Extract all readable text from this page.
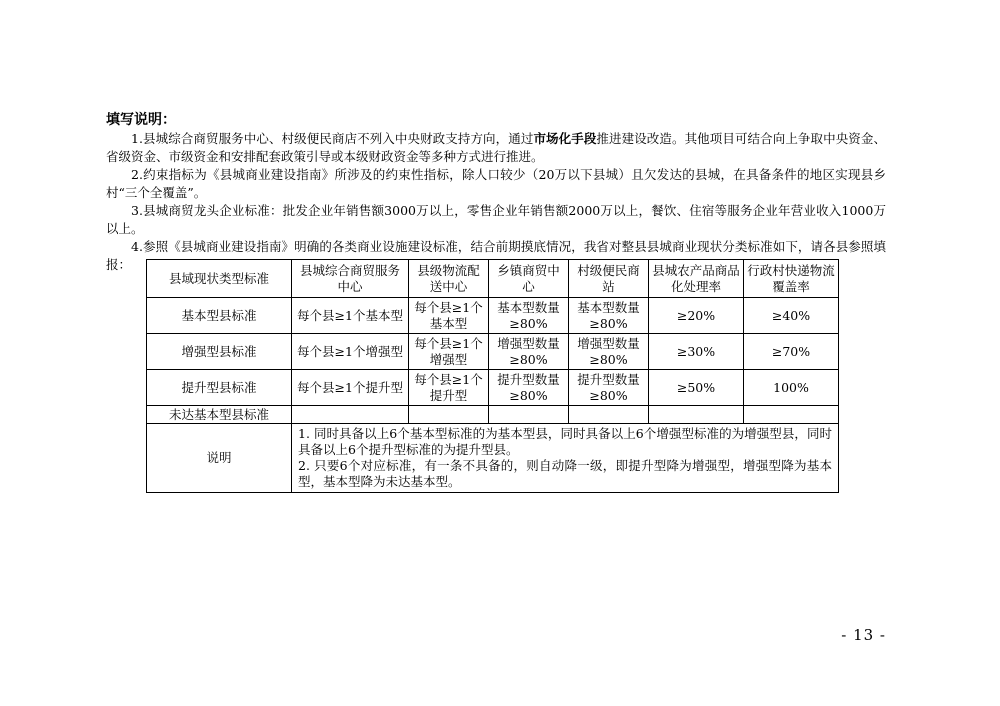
填写说明：

1.县城综合商贸服务中心、村级便民商店不列入中央财政支持方向，通过市场化手段推进建设改造。其他项目可结合向上争取中央资金、省级资金、市级资金和安排配套政策引导或本级财政资金等多种方式进行推进。

2.约束指标为《县城商业建设指南》所涉及的约束性指标，除人口较少（20万以下县城）且欠发达的县城，在具备条件的地区实现县乡村“三个全覆盖”。

3.县城商贸龙头企业标准：批发企业年销售额3000万以上，零售企业年销售额2000万以上，餐饮、住宿等服务企业年营业收入1000万以上。

4.参照《县城商业建设指南》明确的各类商业设施建设标准，结合前期摸底情况，我省对整县县城商业现状分类标准如下，请各县参照填报：

县域现状类型标准	县城综合商贸服务中心	县级物流配送中心	乡镇商贸中心	村级便民商站	县城农产品商品化处理率	行政村快递物流覆盖率
基本型县标准	每个县≥1个基本型	每个县≥1个基本型	基本型数量≥80%	基本型数量≥80%	≥20%	≥40%
增强型县标准	每个县≥1个增强型	每个县≥1个增强型	增强型数量≥80%	增强型数量≥80%	≥30%	≥70%
提升型县标准	每个县≥1个提升型	每个县≥1个提升型	提升型数量≥80%	提升型数量≥80%	≥50%	100%
未达基本型县标准						
说明	1. 同时具备以上6个基本型标准的为基本型县，同时具备以上6个增强型标准的为增强型县，同时具备以上6个提升型标准的为提升型县。
2. 只要6个对应标准，有一条不具备的，则自动降一级，即提升型降为增强型，增强型降为基本型，基本型降为未达基本型。					
- 13 -
